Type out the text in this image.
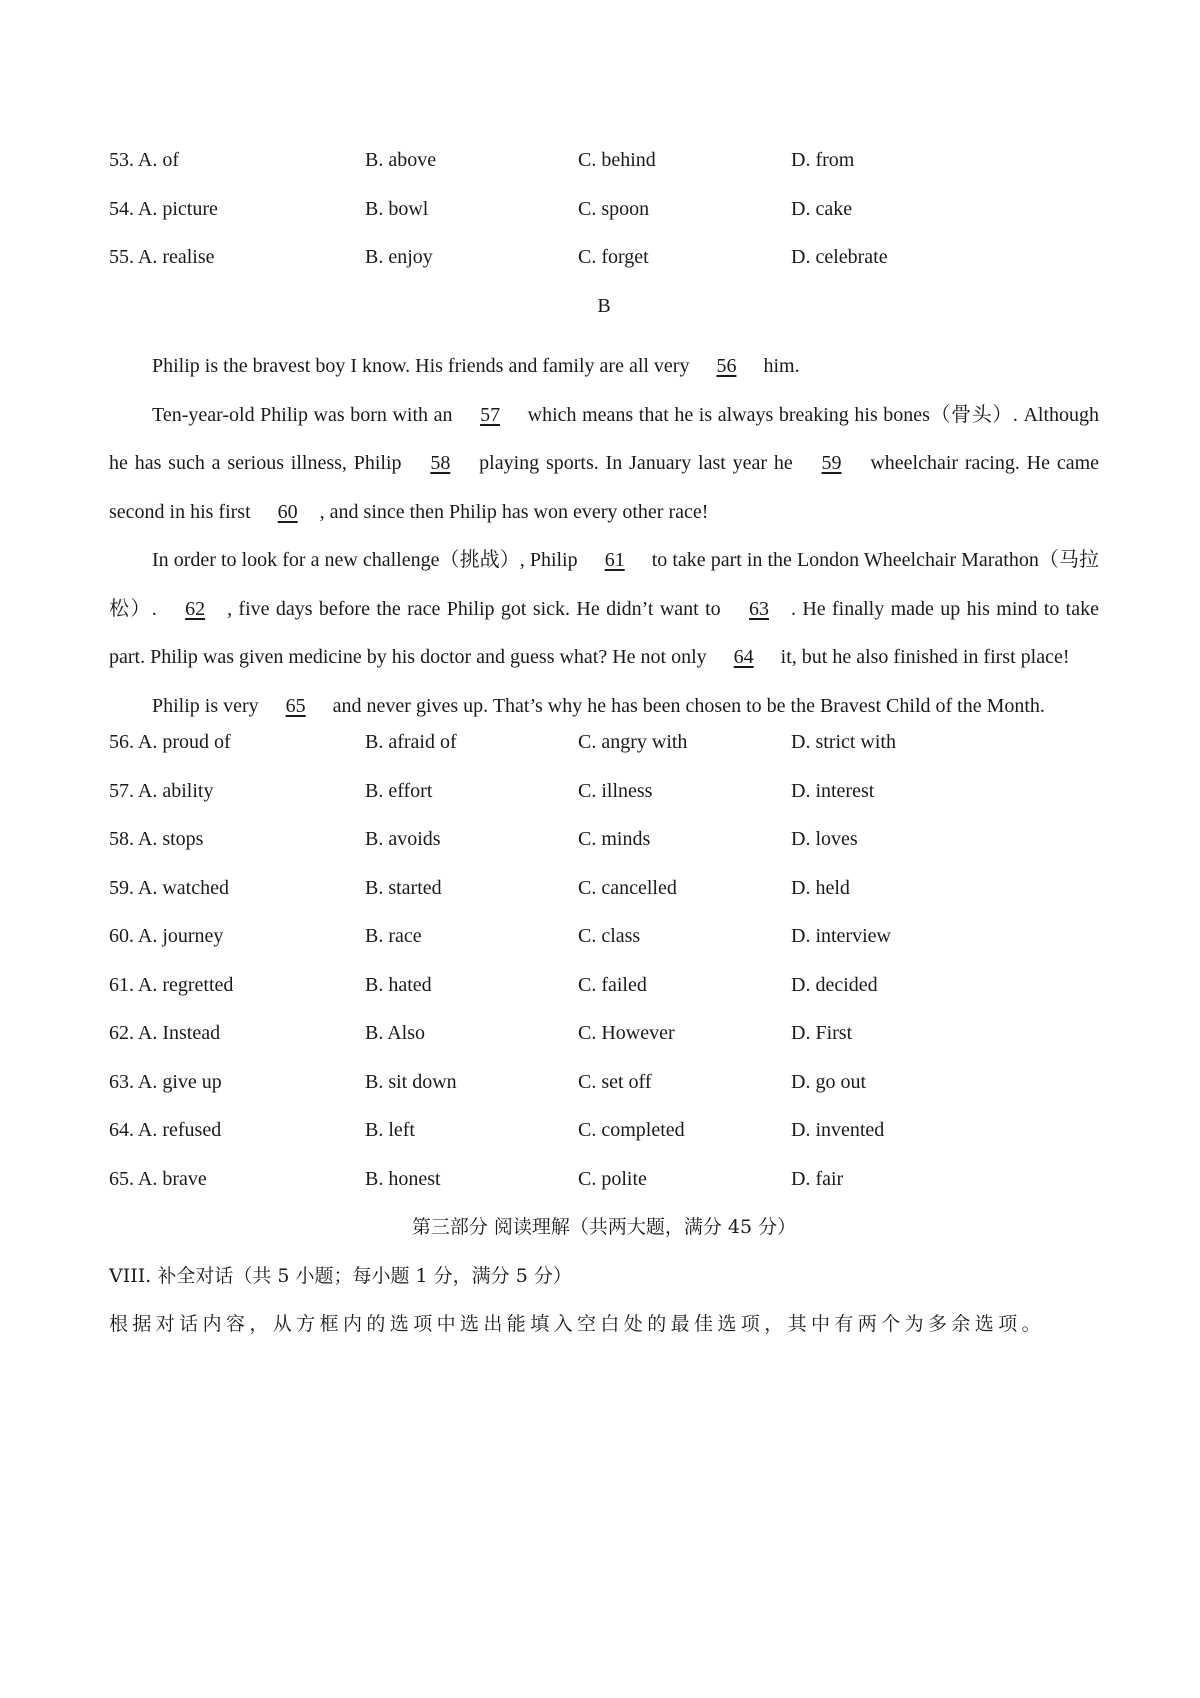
53. A. of	B. above	C. behind	D. from
54. A. picture	B. bowl	C. spoon	D. cake
55. A. realise	B. enjoy	C. forget	D. celebrate
B

Philip is the bravest boy I know. His friends and family are all very 56 him.

Ten-year-old Philip was born with an 57 which means that he is always breaking his bones（骨头）. Although he has such a serious illness, Philip 58 playing sports. In January last year he 59 wheelchair racing. He came second in his first 60 , and since then Philip has won every other race!

In order to look for a new challenge（挑战）, Philip 61 to take part in the London Wheelchair Marathon（马拉松）. 62 , five days before the race Philip got sick. He didn’t want to 63 . He finally made up his mind to take part. Philip was given medicine by his doctor and guess what? He not only 64 it, but he also finished in first place!

Philip is very 65 and never gives up. That’s why he has been chosen to be the Bravest Child of the Month.

56. A. proud of	B. afraid of	C. angry with	D. strict with
57. A. ability	B. effort	C. illness	D. interest
58. A. stops	B. avoids	C. minds	D. loves
59. A. watched	B. started	C. cancelled	D. held
60. A. journey	B. race	C. class	D. interview
61. A. regretted	B. hated	C. failed	D. decided
62. A. Instead	B. Also	C. However	D. First
63. A. give up	B. sit down	C. set off	D. go out
64. A. refused	B. left	C. completed	D. invented
65. A. brave	B. honest	C. polite	D. fair
第三部分 阅读理解（共两大题，满分 45 分）
VIII. 补全对话（共 5 小题；每小题 1 分，满分 5 分）
根据对话内容，从方框内的选项中选出能填入空白处的最佳选项，其中有两个为多余选项。
